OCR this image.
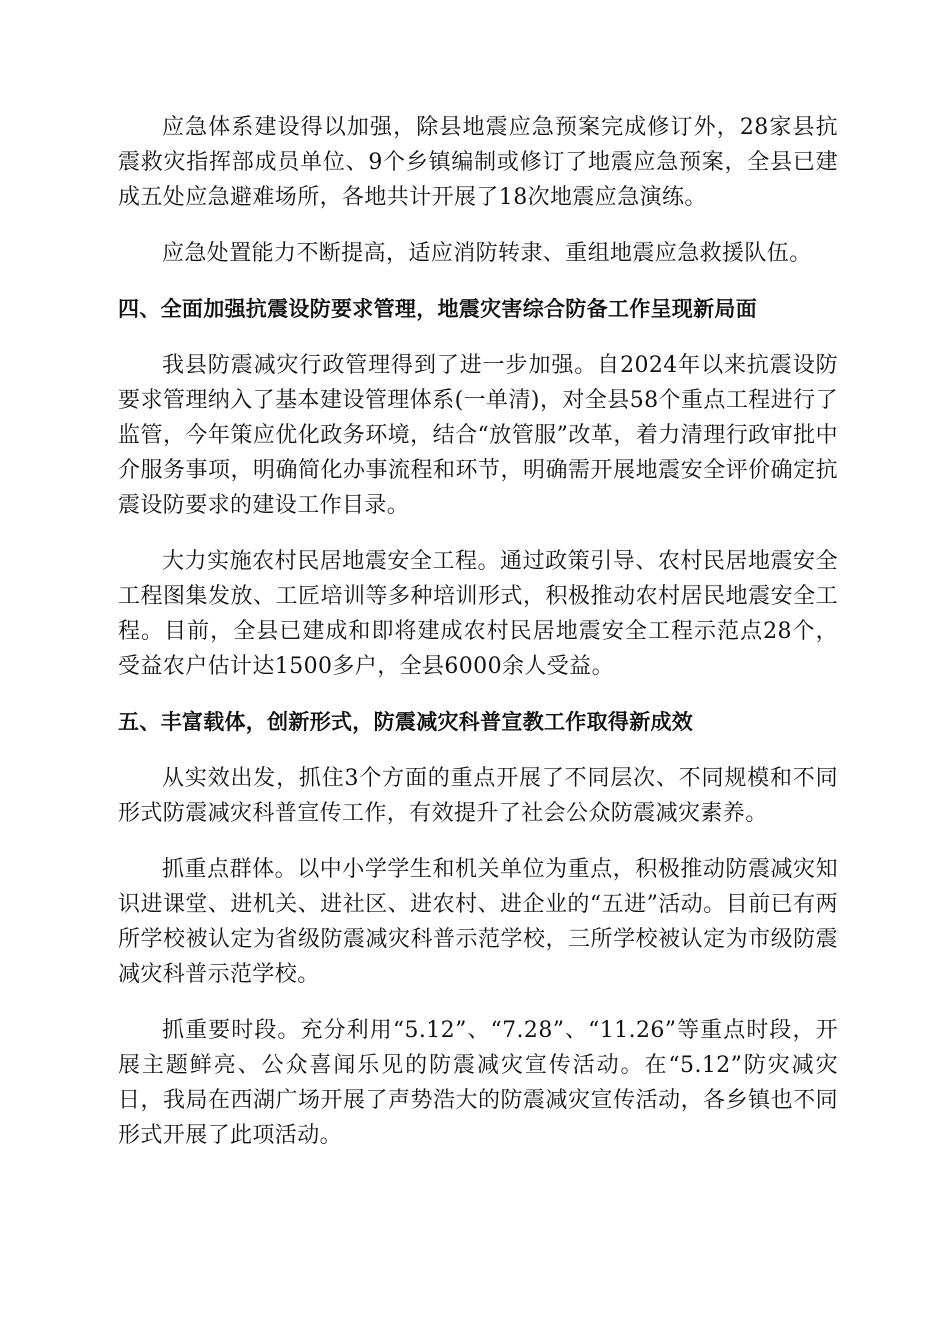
应急体系建设得以加强，除县地震应急预案完成修订外，28家县抗震救灾指挥部成员单位、9个乡镇编制或修订了地震应急预案，全县已建成五处应急避难场所，各地共计开展了18次地震应急演练。

应急处置能力不断提高，适应消防转隶、重组地震应急救援队伍。

四、全面加强抗震设防要求管理，地震灾害综合防备工作呈现新局面

我县防震减灾行政管理得到了进一步加强。自2024年以来抗震设防要求管理纳入了基本建设管理体系(一单清)，对全县58个重点工程进行了监管，今年策应优化政务环境，结合“放管服”改革，着力清理行政审批中介服务事项，明确简化办事流程和环节，明确需开展地震安全评价确定抗震设防要求的建设工作目录。

大力实施农村民居地震安全工程。通过政策引导、农村民居地震安全工程图集发放、工匠培训等多种培训形式，积极推动农村居民地震安全工程。目前，全县已建成和即将建成农村民居地震安全工程示范点28个，受益农户估计达1500多户，全县6000余人受益。

五、丰富载体，创新形式，防震减灾科普宣教工作取得新成效

从实效出发，抓住3个方面的重点开展了不同层次、不同规模和不同形式防震减灾科普宣传工作，有效提升了社会公众防震减灾素养。

抓重点群体。以中小学学生和机关单位为重点，积极推动防震减灾知识进课堂、进机关、进社区、进农村、进企业的“五进”活动。目前已有两所学校被认定为省级防震减灾科普示范学校，三所学校被认定为市级防震减灾科普示范学校。

抓重要时段。充分利用“5.12”、“7.28”、“11.26”等重点时段，开展主题鲜亮、公众喜闻乐见的防震减灾宣传活动。在“5.12”防灾减灾日，我局在西湖广场开展了声势浩大的防震减灾宣传活动，各乡镇也不同形式开展了此项活动。
